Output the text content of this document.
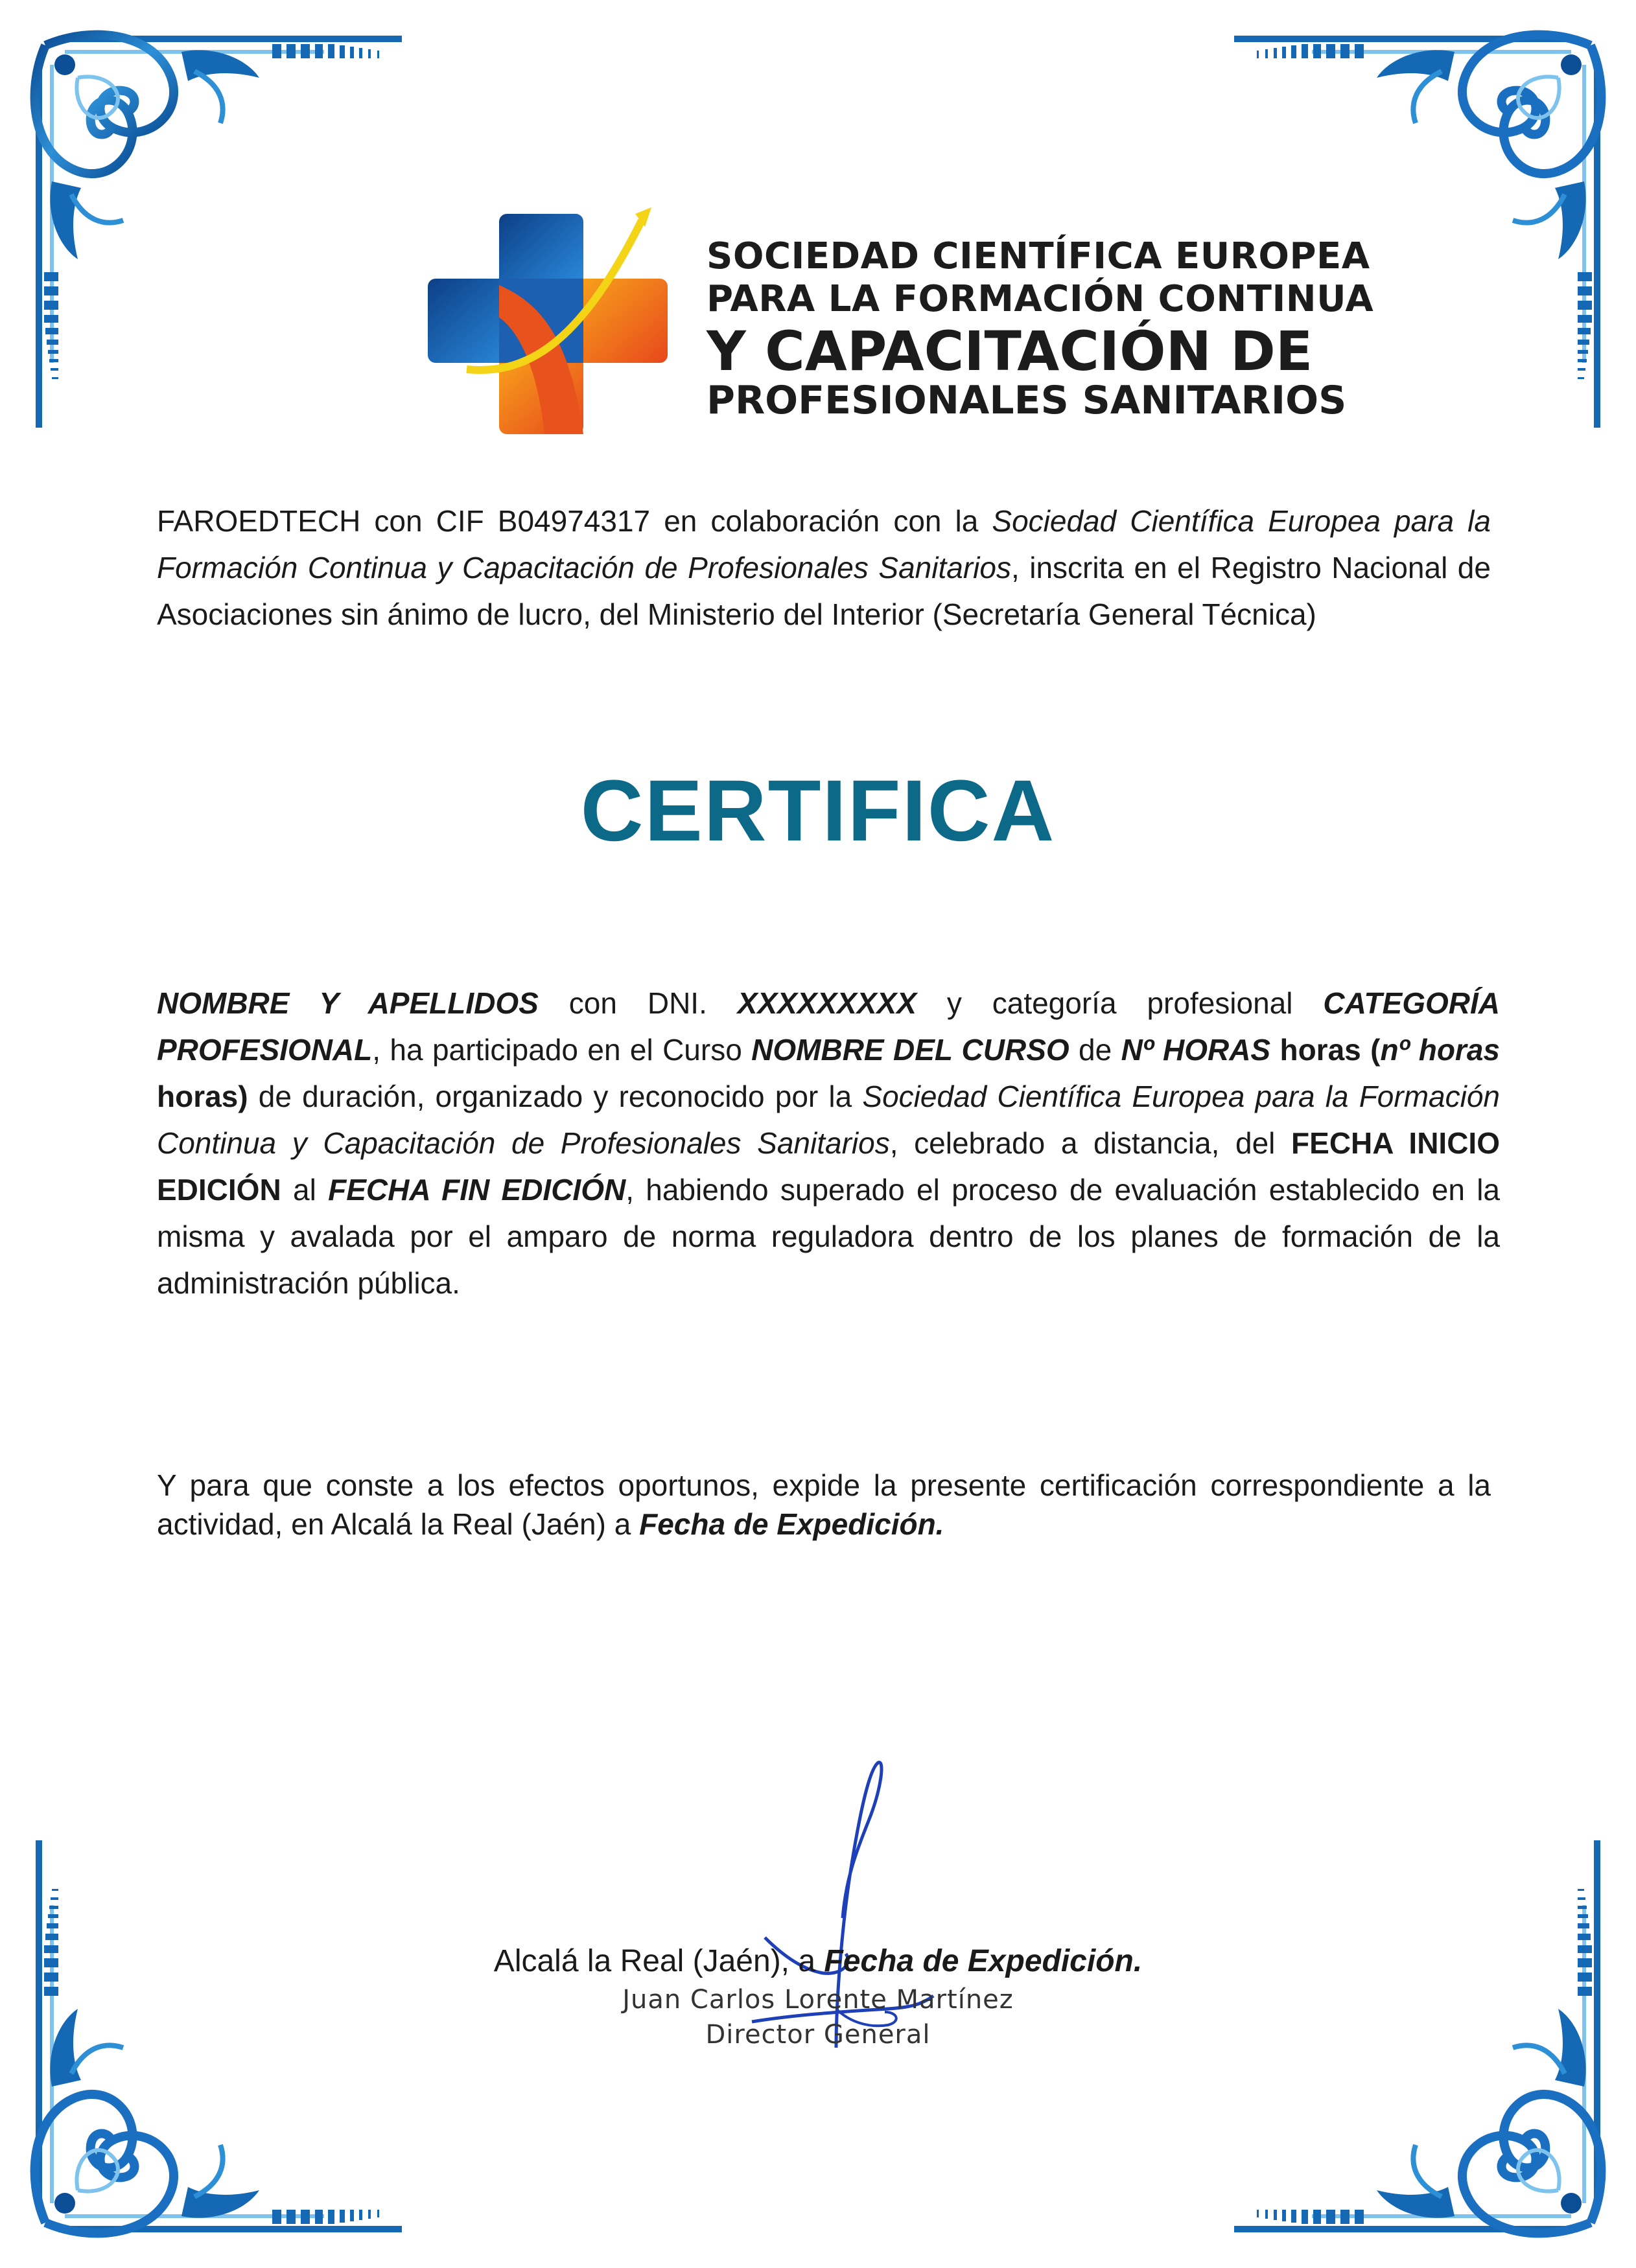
SOCIEDAD CIENTÍFICA EUROPEA
PARA LA FORMACIÓN CONTINUA
Y CAPACITACIÓN DE
PROFESIONALES SANITARIOS

FAROEDTECH con CIF B04974317 en colaboración con la Sociedad Científica Europea para la Formación Continua y Capacitación de Profesionales Sanitarios, inscrita en el Registro Nacional de Asociaciones sin ánimo de lucro, del Ministerio del Interior (Secretaría General Técnica)

CERTIFICA

NOMBRE Y APELLIDOS con DNI. XXXXXXXXX y categoría profesional CATEGORÍA PROFESIONAL, ha participado en el Curso NOMBRE DEL CURSO de Nº HORAS horas (nº horas horas) de duración, organizado y reconocido por la Sociedad Científica Europea para la Formación Continua y Capacitación de Profesionales Sanitarios, celebrado a distancia, del FECHA INICIO EDICIÓN al FECHA FIN EDICIÓN, habiendo superado el proceso de evaluación establecido en la misma y avalada por el amparo de norma reguladora dentro de los planes de formación de la administración pública.

Y para que conste a los efectos oportunos, expide la presente certificación correspondiente a la actividad, en Alcalá la Real (Jaén) a Fecha de Expedición.

Alcalá la Real (Jaén), a Fecha de Expedición.
Juan Carlos Lorente Martínez
Director General
